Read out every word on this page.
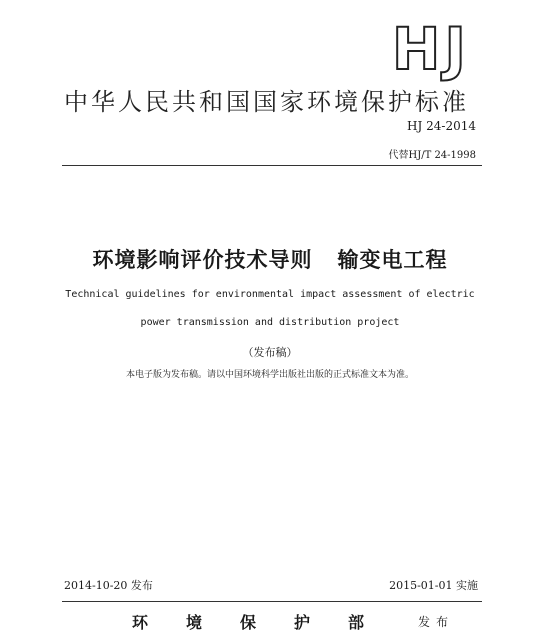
HJ
中华人民共和国国家环境保护标准
HJ 24-2014
代替HJ/T 24-1998
环境影响评价技术导则   输变电工程
Technical guidelines for environmental impact assessment of electric
power transmission and distribution project
（发布稿）
本电子版为发布稿。请以中国环境科学出版社出版的正式标准文本为准。
2014-10-20 发布	2015-01-01 实施
环境保护部 发布
